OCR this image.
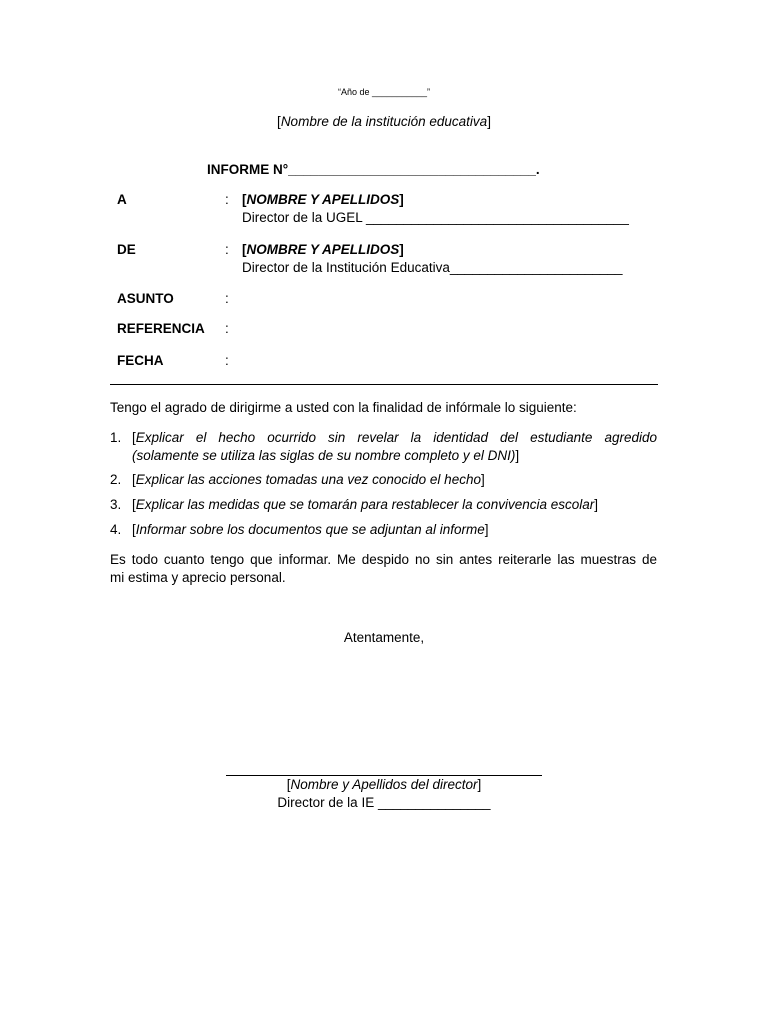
“Año de ___________”
[Nombre de la institución educativa]
INFORME N°_________________________________.
A	: [NOMBRE Y APELLIDOS]
Director de la UGEL ___________________________________
DE	: [NOMBRE Y APELLIDOS]
Director de la Institución Educativa_______________________
ASUNTO	:
REFERENCIA :
FECHA	:
Tengo el agrado de dirigirme a usted con la finalidad de infórmale lo siguiente:
1. [Explicar el hecho ocurrido sin revelar la identidad del estudiante agredido
(solamente se utiliza las siglas de su nombre completo y el DNI)]
2. [Explicar las acciones tomadas una vez conocido el hecho]
3. [Explicar las medidas que se tomarán para restablecer la convivencia escolar]
4. [Informar sobre los documentos que se adjuntan al informe]
Es todo cuanto tengo que informar. Me despido no sin antes reiterarle las muestras de
mi estima y aprecio personal.
Atentamente,
[Nombre y Apellidos del director]
Director de la IE _______________
